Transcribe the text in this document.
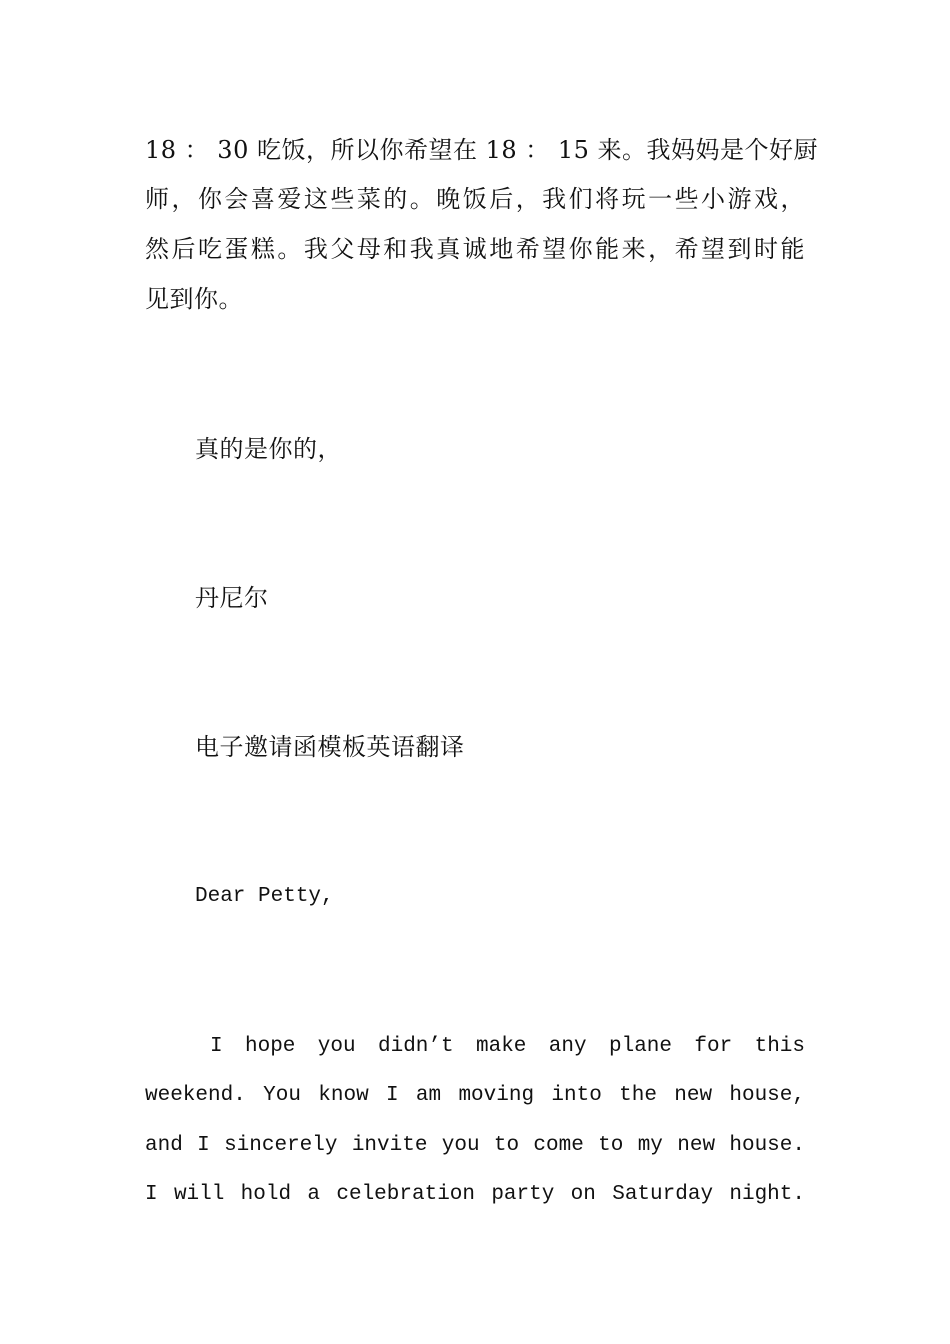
18 ： 30 吃饭，所以你希望在 18 ： 15 来。我妈妈是个好厨
师，你会喜爱这些菜的。晚饭后，我们将玩一些小游戏，
然后吃蛋糕。我父母和我真诚地希望你能来，希望到时能
见到你。
真的是你的，
丹尼尔
电子邀请函模板英语翻译
Dear Petty,
I hope you didn’t make any plane for this
weekend. You know I am moving into the new house,
and I sincerely invite you to come to my new house.
I will hold a celebration party on Saturday night.
